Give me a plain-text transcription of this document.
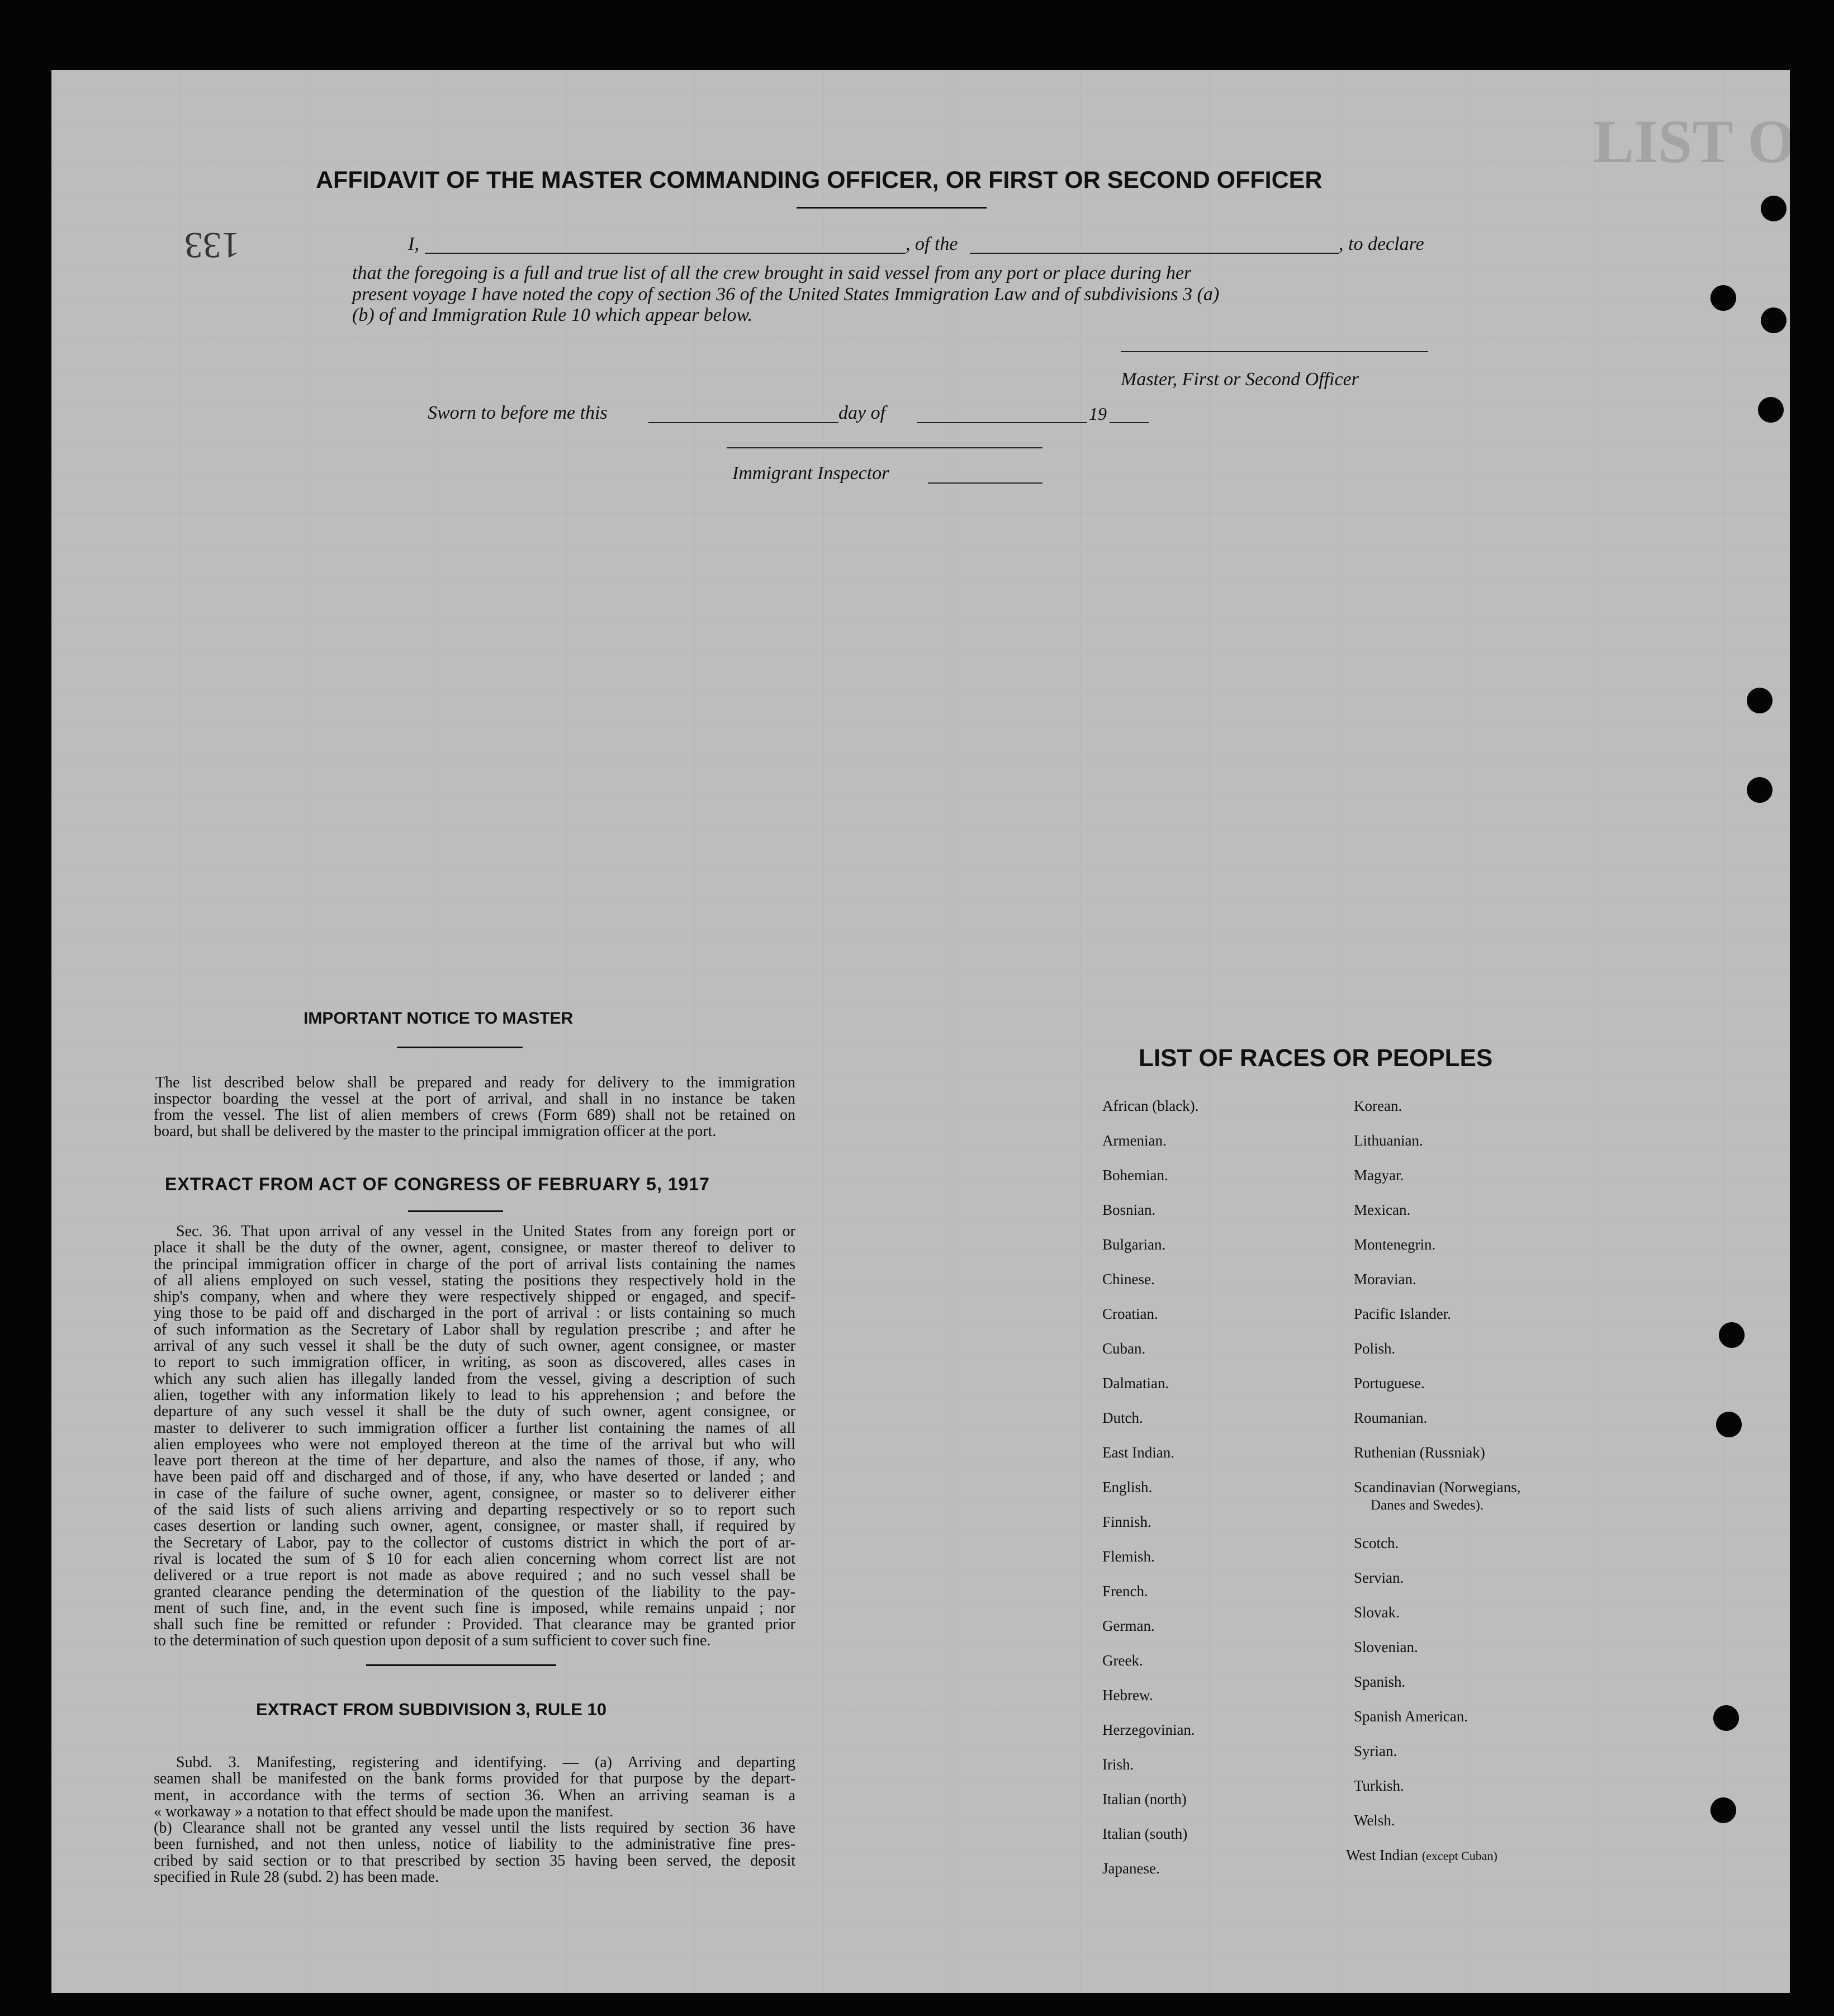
LIST OF
133
AFFIDAVIT OF THE MASTER COMMANDING OFFICER, OR FIRST OR SECOND OFFICER
I,	, of the	, to declare
that the foregoing is a full and true list of all the crew brought in said vessel from any port or place during her
present voyage I have noted the copy of section 36 of the United States Immigration Law and of subdivisions 3 (a)
(b) of and Immigration Rule 10 which appear below.
Master, First or Second Officer
Sworn to before me this	day of	19
Immigrant Inspector
IMPORTANT NOTICE TO MASTER
The list described below shall be prepared and ready for delivery to the immigration
inspector boarding the vessel at the port of arrival, and shall in no instance be taken
from the vessel. The list of alien members of crews (Form 689) shall not be retained on
board, but shall be delivered by the master to the principal immigration officer at the port.
EXTRACT FROM ACT OF CONGRESS OF FEBRUARY 5, 1917
Sec. 36. That upon arrival of any vessel in the United States from any foreign port or
place it shall be the duty of the owner, agent, consignee, or master thereof to deliver to
the principal immigration officer in charge of the port of arrival lists containing the names
of all aliens employed on such vessel, stating the positions they respectively hold in the
ship's company, when and where they were respectively shipped or engaged, and specif-
ying those to be paid off and discharged in the port of arrival : or lists containing so much
of such information as the Secretary of Labor shall by regulation prescribe ; and after he
arrival of any such vessel it shall be the duty of such owner, agent consignee, or master
to report to such immigration officer, in writing, as soon as discovered, alles cases in
which any such alien has illegally landed from the vessel, giving a description of such
alien, together with any information likely to lead to his apprehension ; and before the
departure of any such vessel it shall be the duty of such owner, agent consignee, or
master to deliverer to such immigration officer a further list containing the names of all
alien employees who were not employed thereon at the time of the arrival but who will
leave port thereon at the time of her departure, and also the names of those, if any, who
have been paid off and discharged and of those, if any, who have deserted or landed ; and
in case of the failure of suche owner, agent, consignee, or master so to deliverer either
of the said lists of such aliens arriving and departing respectively or so to report such
cases desertion or landing such owner, agent, consignee, or master shall, if required by
the Secretary of Labor, pay to the collector of customs district in which the port of ar-
rival is located the sum of $ 10 for each alien concerning whom correct list are not
delivered or a true report is not made as above required ; and no such vessel shall be
granted clearance pending the determination of the question of the liability to the pay-
ment of such fine, and, in the event such fine is imposed, while remains unpaid ; nor
shall such fine be remitted or refunder : Provided. That clearance may be granted prior
to the determination of such question upon deposit of a sum sufficient to cover such fine.
EXTRACT FROM SUBDIVISION 3, RULE 10
Subd. 3. Manifesting, registering and identifying. — (a) Arriving and departing
seamen shall be manifested on the bank forms provided for that purpose by the depart-
ment, in accordance with the terms of section 36. When an arriving seaman is a
« workaway » a notation to that effect should be made upon the manifest.
(b) Clearance shall not be granted any vessel until the lists required by section 36 have
been furnished, and not then unless, notice of liability to the administrative fine pres-
cribed by said section or to that prescribed by section 35 having been served, the deposit
specified in Rule 28 (subd. 2) has been made.
LIST OF RACES OR PEOPLES
African (black).
Armenian.
Bohemian.
Bosnian.
Bulgarian.
Chinese.
Croatian.
Cuban.
Dalmatian.
Dutch.
East Indian.
English.
Finnish.
Flemish.
French.
German.
Greek.
Hebrew.
Herzegovinian.
Irish.
Italian (north)
Italian (south)
Japanese.
Korean.
Lithuanian.
Magyar.
Mexican.
Montenegrin.
Moravian.
Pacific Islander.
Polish.
Portuguese.
Roumanian.
Ruthenian (Russniak)
Scandinavian (Norwegians,
Danes and Swedes).
Scotch.
Servian.
Slovak.
Slovenian.
Spanish.
Spanish American.
Syrian.
Turkish.
Welsh.
West Indian (except Cuban)
